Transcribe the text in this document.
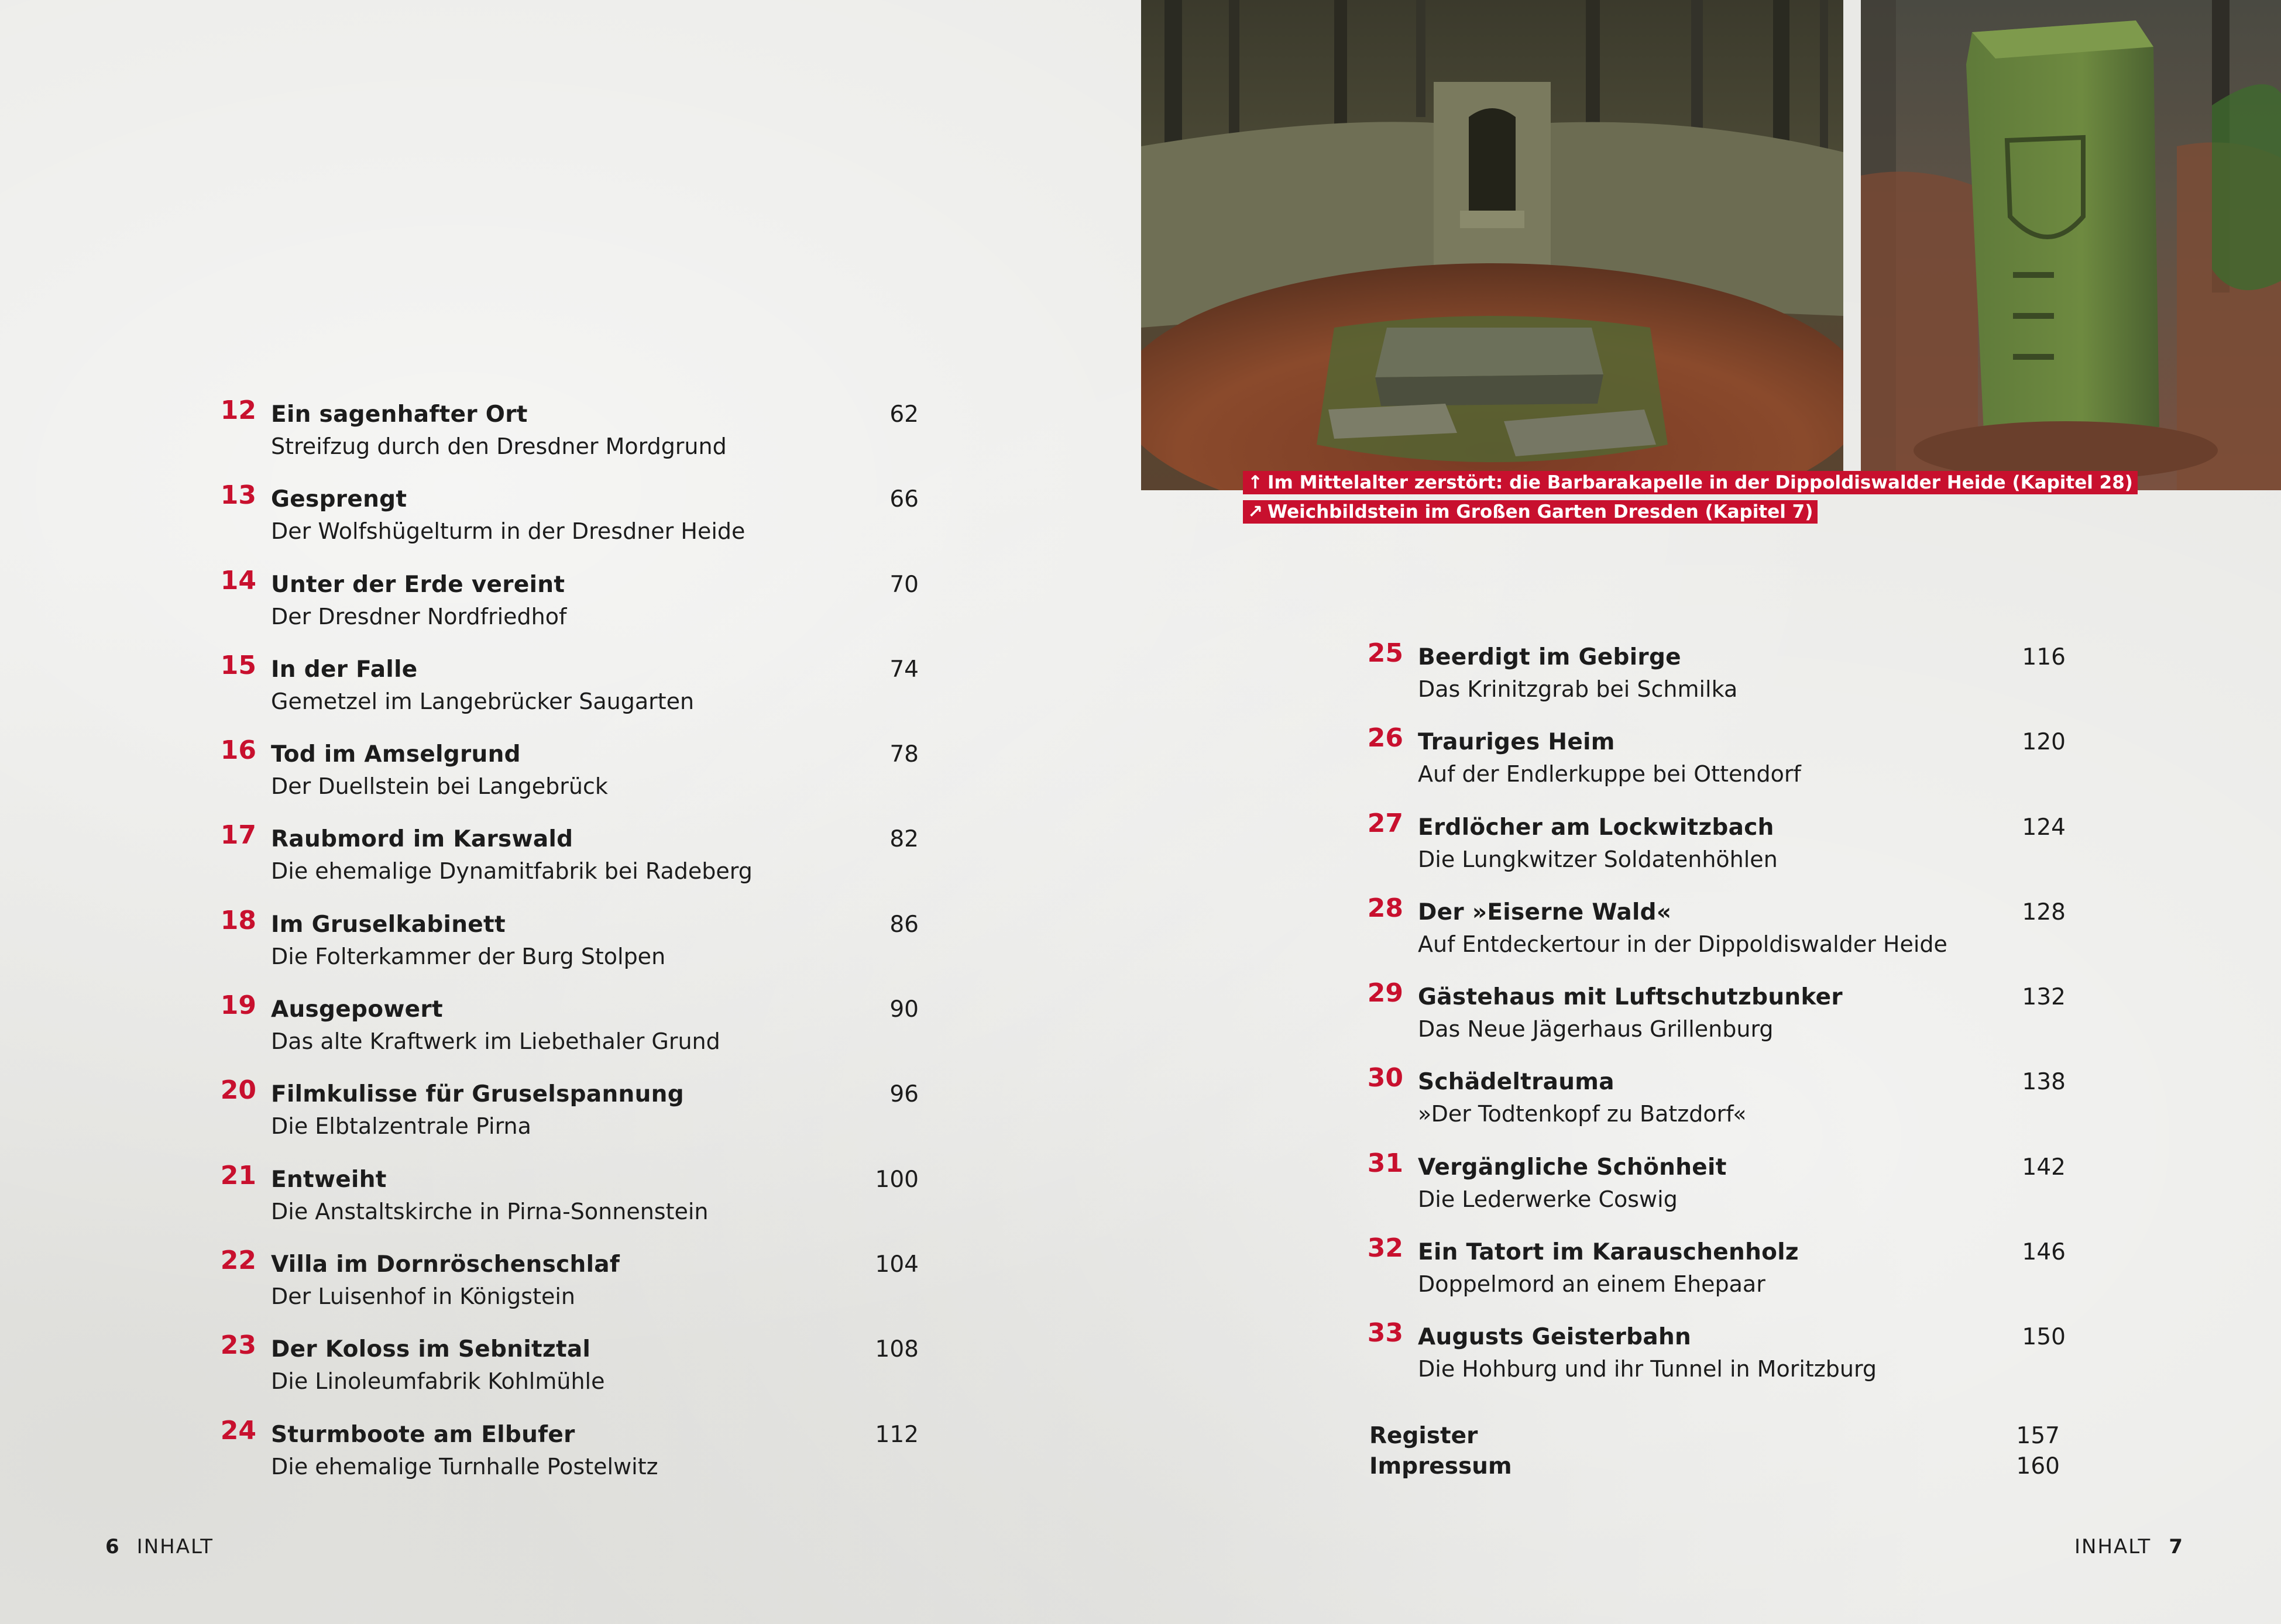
↑ Im Mittelalter zerstört: die Barbarakapelle in der Dippoldiswalder Heide (Kapitel 28)
↗ Weichbildstein im Großen Garten Dresden (Kapitel 7)
12 Ein sagenhafter Ort
Streifzug durch den Dresdner Mordgrund
62
13 Gesprengt
Der Wolfshügelturm in der Dresdner Heide
66
14 Unter der Erde vereint
Der Dresdner Nordfriedhof
70
15 In der Falle
Gemetzel im Langebrücker Saugarten
74
16 Tod im Amselgrund
Der Duellstein bei Langebrück
78
17 Raubmord im Karswald
Die ehemalige Dynamitfabrik bei Radeberg
82
18 Im Gruselkabinett
Die Folterkammer der Burg Stolpen
86
19 Ausgepowert
Das alte Kraftwerk im Liebethaler Grund
90
20 Filmkulisse für Gruselspannung
Die Elbtalzentrale Pirna
96
21 Entweiht
Die Anstaltskirche in Pirna-Sonnenstein
100
22 Villa im Dornröschenschlaf
Der Luisenhof in Königstein
104
23 Der Koloss im Sebnitztal
Die Linoleumfabrik Kohlmühle
108
24 Sturmboote am Elbufer
Die ehemalige Turnhalle Postelwitz
112
25 Beerdigt im Gebirge
Das Krinitzgrab bei Schmilka
116
26 Trauriges Heim
Auf der Endlerkuppe bei Ottendorf
120
27 Erdlöcher am Lockwitzbach
Die Lungkwitzer Soldatenhöhlen
124
28 Der »Eiserne Wald«
Auf Entdeckertour in der Dippoldiswalder Heide
128
29 Gästehaus mit Luftschutzbunker
Das Neue Jägerhaus Grillenburg
132
30 Schädeltrauma
»Der Todtenkopf zu Batzdorf«
138
31 Vergängliche Schönheit
Die Lederwerke Coswig
142
32 Ein Tatort im Karauschenholz
Doppelmord an einem Ehepaar
146
33 Augusts Geisterbahn
Die Hohburg und ihr Tunnel in Moritzburg
150
Register	157
Impressum	160
6 INHALT	INHALT 7
